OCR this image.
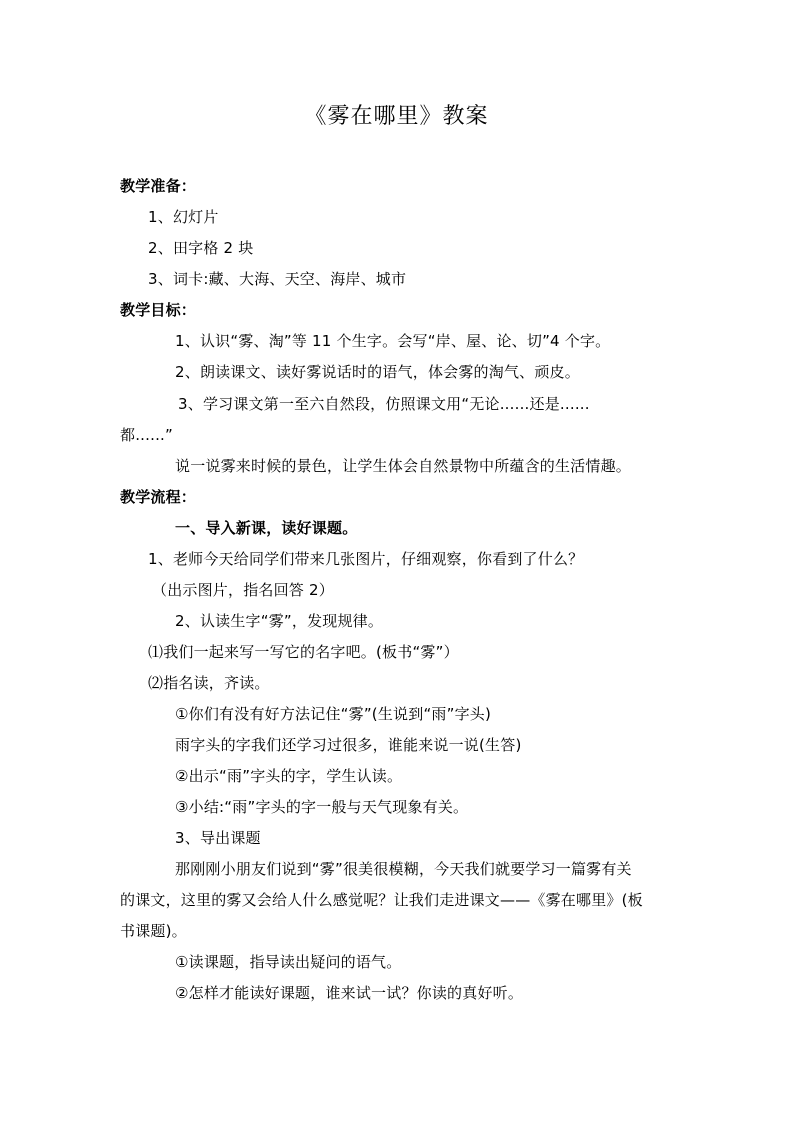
《雾在哪里》教案
教学准备：
1、幻灯片
2、田字格 2 块
3、词卡:藏、大海、天空、海岸、城市
教学目标：
1、认识“雾、淘”等 11 个生字。会写“岸、屋、论、切”4 个字。
2、朗读课文、读好雾说话时的语气，体会雾的淘气、顽皮。
3、学习课文第一至六自然段，仿照课文用“无论......还是......
都......”
说一说雾来时候的景色，让学生体会自然景物中所蕴含的生活情趣。
教学流程：
一、导入新课，读好课题。
1、老师今天给同学们带来几张图片，仔细观察，你看到了什么？
（出示图片，指名回答 2）
2、认读生字“雾”，发现规律。
⑴我们一起来写一写它的名字吧。(板书“雾”）
⑵指名读，齐读。
①你们有没有好方法记住“雾”(生说到“雨”字头)
雨字头的字我们还学习过很多，谁能来说一说(生答)
②出示“雨”字头的字，学生认读。
③小结:“雨”字头的字一般与天气现象有关。
3、导出课题
那刚刚小朋友们说到“雾”很美很模糊，今天我们就要学习一篇雾有关
的课文，这里的雾又会给人什么感觉呢？让我们走进课文——《雾在哪里》(板
书课题)。
①读课题，指导读出疑问的语气。
②怎样才能读好课题，谁来试一试？你读的真好听。
